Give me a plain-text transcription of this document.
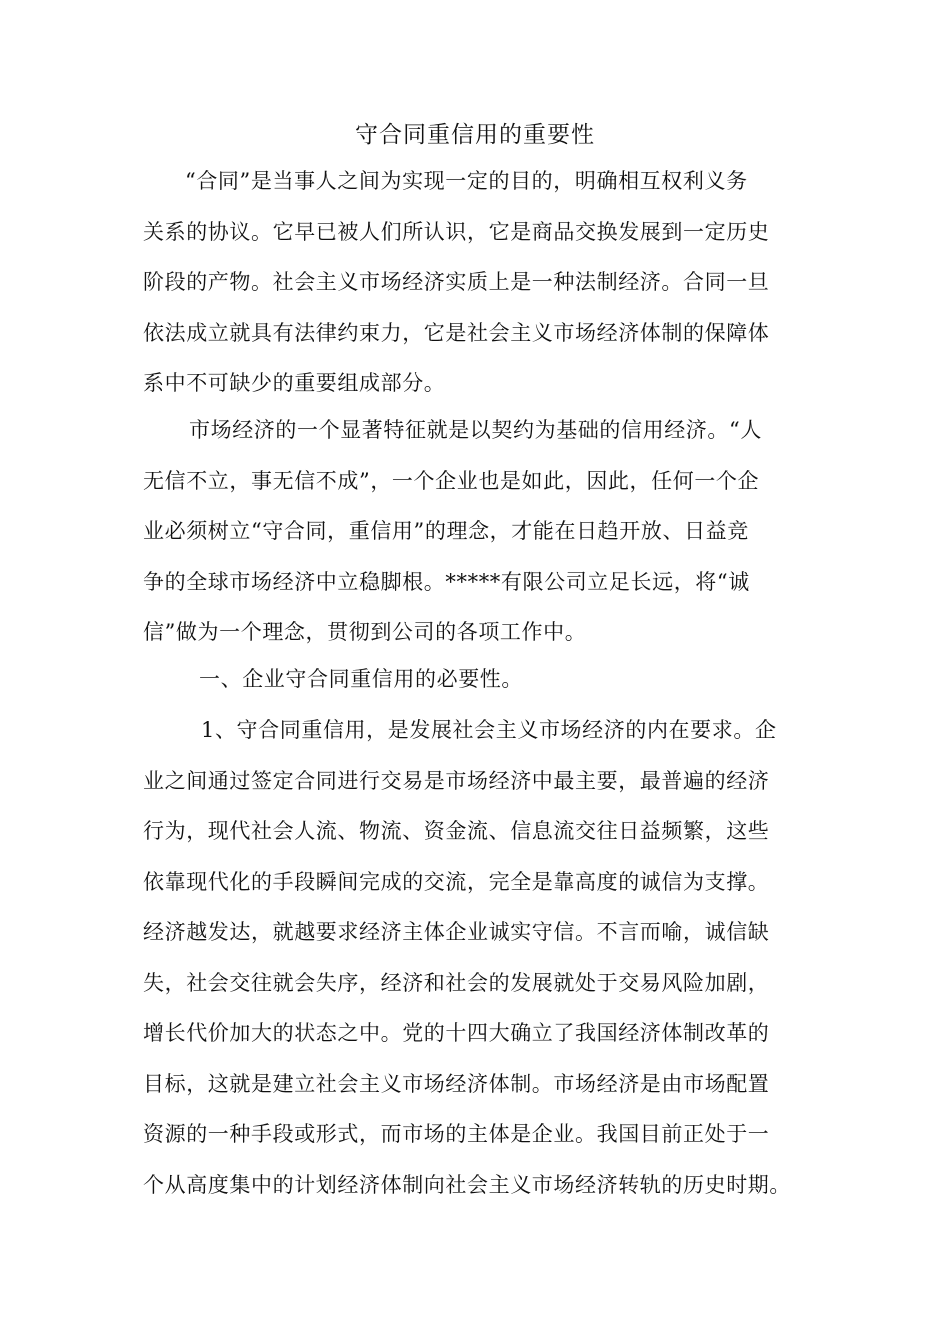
守合同重信用的重要性
“合同”是当事人之间为实现一定的目的，明确相互权利义务
关系的协议。它早已被人们所认识，它是商品交换发展到一定历史
阶段的产物。社会主义市场经济实质上是一种法制经济。合同一旦
依法成立就具有法律约束力，它是社会主义市场经济体制的保障体
系中不可缺少的重要组成部分。
市场经济的一个显著特征就是以契约为基础的信用经济。“人
无信不立，事无信不成”，一个企业也是如此，因此，任何一个企
业必须树立“守合同，重信用”的理念，才能在日趋开放、日益竞
争的全球市场经济中立稳脚根。*****有限公司立足长远，将“诚
信”做为一个理念，贯彻到公司的各项工作中。
一、企业守合同重信用的必要性。
1、守合同重信用，是发展社会主义市场经济的内在要求。企
业之间通过签定合同进行交易是市场经济中最主要，最普遍的经济
行为，现代社会人流、物流、资金流、信息流交往日益频繁，这些
依靠现代化的手段瞬间完成的交流，完全是靠高度的诚信为支撑。
经济越发达，就越要求经济主体企业诚实守信。不言而喻，诚信缺
失，社会交往就会失序，经济和社会的发展就处于交易风险加剧，
增长代价加大的状态之中。党的十四大确立了我国经济体制改革的
目标，这就是建立社会主义市场经济体制。市场经济是由市场配置
资源的一种手段或形式，而市场的主体是企业。我国目前正处于一
个从高度集中的计划经济体制向社会主义市场经济转轨的历史时期。
